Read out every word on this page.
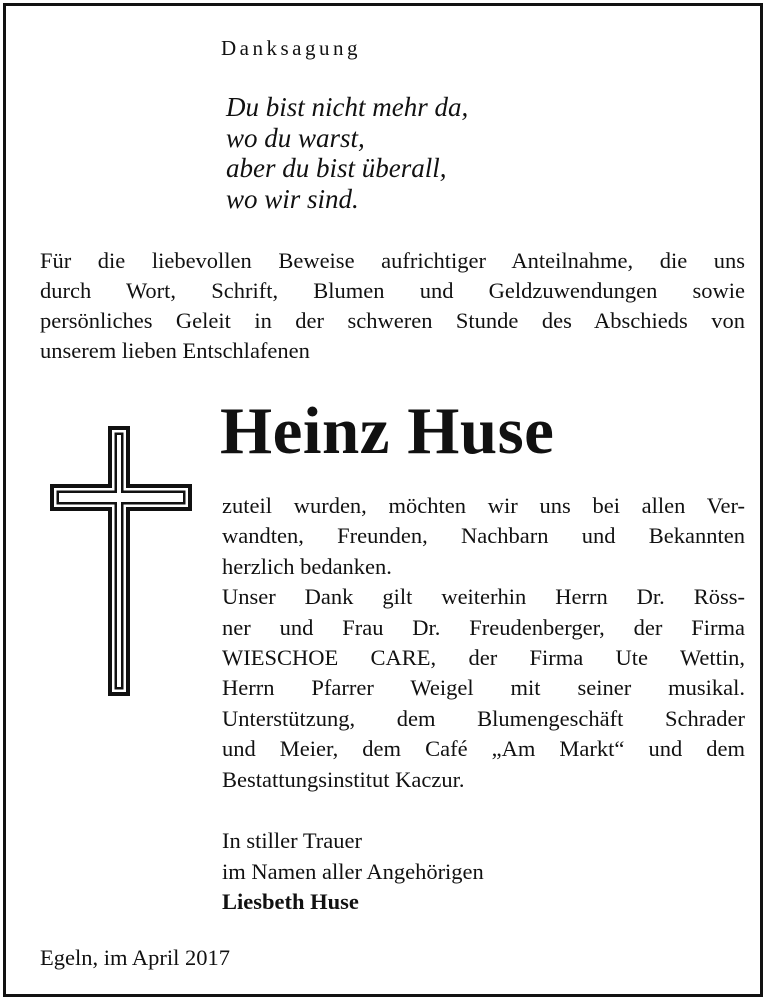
Danksagung
Du bist nicht mehr da,
wo du warst,
aber du bist überall,
wo wir sind.
Für die liebevollen Beweise aufrichtiger Anteilnahme, die uns
durch Wort, Schrift, Blumen und Geldzuwendungen sowie
persönliches Geleit in der schweren Stunde des Abschieds von
unserem lieben Entschlafenen
Heinz Huse
zuteil wurden, möchten wir uns bei allen Ver-
wandten, Freunden, Nachbarn und Bekannten
herzlich bedanken.
Unser Dank gilt weiterhin Herrn Dr. Röss-
ner und Frau Dr. Freudenberger, der Firma
WIESCHOE CARE, der Firma Ute Wettin,
Herrn Pfarrer Weigel mit seiner musikal.
Unterstützung, dem Blumengeschäft Schrader
und Meier, dem Café „Am Markt“ und dem
Bestattungsinstitut Kaczur.
In stiller Trauer
im Namen aller Angehörigen
Liesbeth Huse
Egeln, im April 2017
